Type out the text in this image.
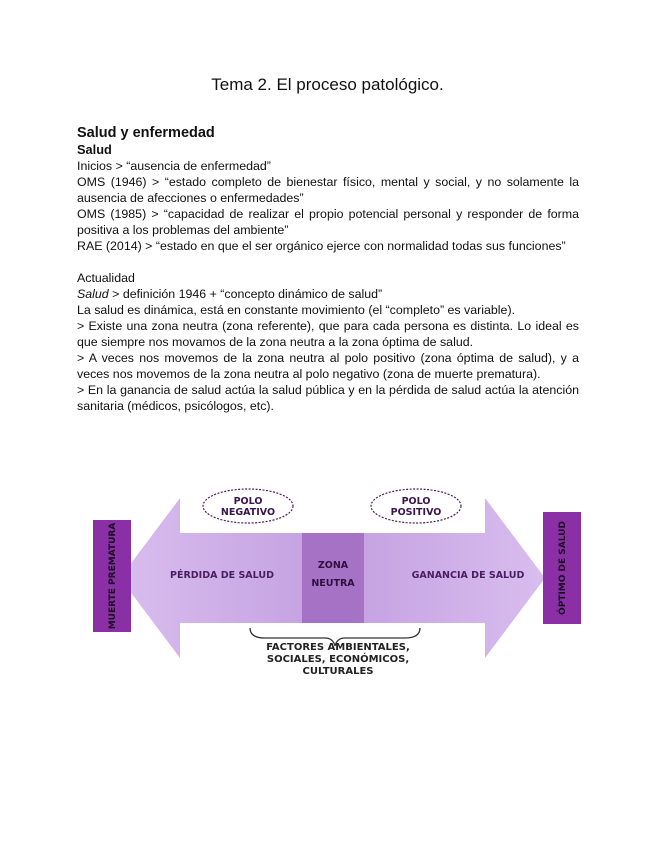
Tema 2. El proceso patológico.
Salud y enfermedad
Salud
Inicios > “ausencia de enfermedad”
OMS (1946) > “estado completo de bienestar físico, mental y social, y no solamente la ausencia de afecciones o enfermedades”
OMS (1985) > “capacidad de realizar el propio potencial personal y responder de forma positiva a los problemas del ambiente”
RAE (2014) > “estado en que el ser orgánico ejerce con normalidad todas sus funciones”
Actualidad
Salud > definición 1946 + “concepto dinámico de salud”
La salud es dinámica, está en constante movimiento (el “completo” es variable).
> Existe una zona neutra (zona referente), que para cada persona es distinta. Lo ideal es que siempre nos movamos de la zona neutra a la zona óptima de salud.
> A veces nos movemos de la zona neutra al polo positivo (zona óptima de salud), y a veces nos movemos de la zona neutra al polo negativo (zona de muerte prematura).
> En la ganancia de salud actúa la salud pública y en la pérdida de salud actúa la atención sanitaria (médicos, psicólogos, etc).
MUERTE PREMATURA	ÓPTIMO DE SALUD
POLO
NEGATIVO
POLO
POSITIVO
PÉRDIDA DE SALUD	GANANCIA DE SALUD
ZONA
NEUTRA
FACTORES AMBIENTALES,
SOCIALES, ECONÓMICOS,
CULTURALES
